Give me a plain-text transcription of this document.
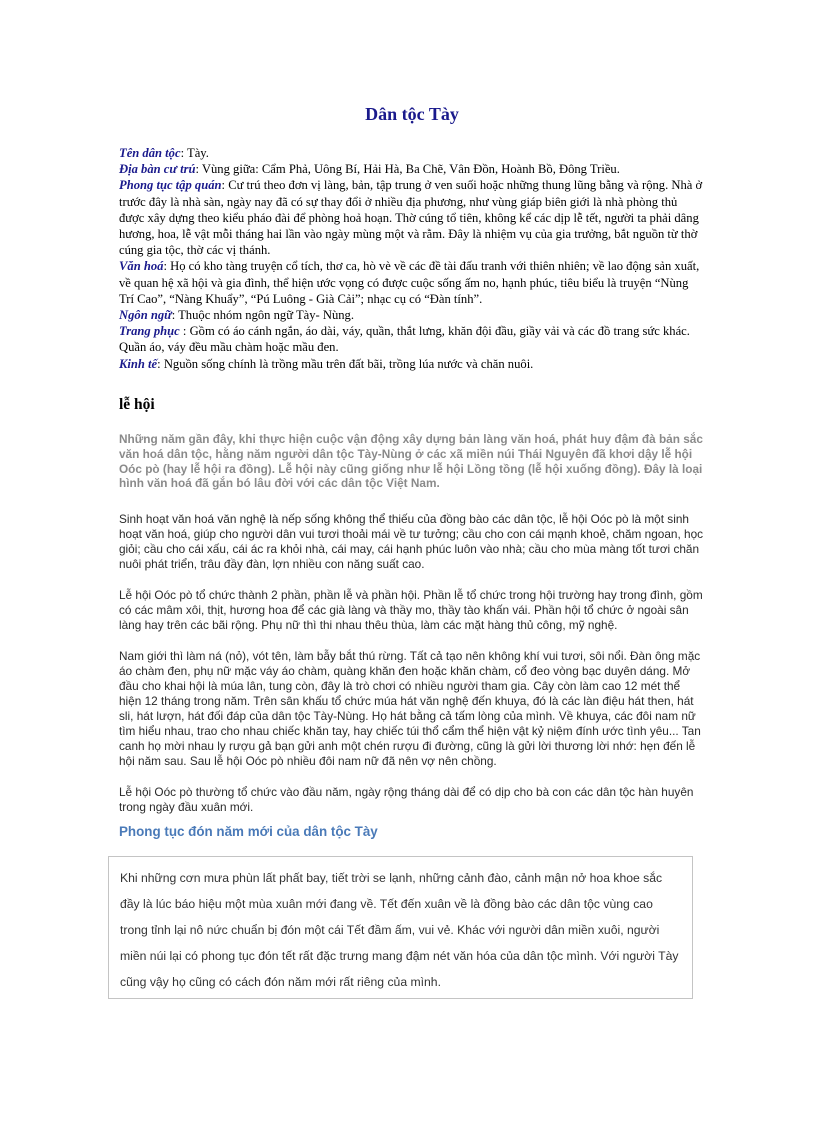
Dân tộc Tày

Tên dân tộc: Tày.

Địa bàn cư trú: Vùng giữa: Cẩm Phả, Uông Bí, Hải Hà, Ba Chẽ, Vân Đồn, Hoành Bồ, Đông Triều.

Phong tục tập quán: Cư trú theo đơn vị làng, bản, tập trung ở ven suối hoặc những thung lũng bằng và rộng. Nhà ở trước đây là nhà sàn, ngày nay đã có sự thay đổi ở nhiều địa phương, như vùng giáp biên giới là nhà phòng thủ được xây dựng theo kiểu pháo đài để phòng hoả hoạn. Thờ cúng tổ tiên, không kể các dịp lễ tết, người ta phải dâng hương, hoa, lễ vật mỗi tháng hai lần vào ngày mùng một và rằm. Đây là nhiệm vụ của gia trưởng, bắt nguồn từ thờ cúng gia tộc, thờ các vị thánh.

Văn hoá: Họ có kho tàng truyện cổ tích, thơ ca, hò vè về các đề tài đấu tranh với thiên nhiên; về lao động sản xuất, về quan hệ xã hội và gia đình, thể hiện ước vọng có được cuộc sống ấm no, hạnh phúc, tiêu biểu là truyện “Nùng Trí Cao”, “Nàng Khuẩy”, “Pú Luông - Già Cải”; nhạc cụ có “Đàn tính”.

Ngôn ngữ: Thuộc nhóm ngôn ngữ Tày- Nùng.

Trang phục : Gồm có áo cánh ngắn, áo dài, váy, quần, thắt lưng, khăn đội đầu, giầy vải và các đồ trang sức khác. Quần áo, váy đều mầu chàm hoặc mầu đen.

Kinh tế: Nguồn sống chính là trồng mầu trên đất bãi, trồng lúa nước và chăn nuôi.

lễ hội

Những năm gần đây, khi thực hiện cuộc vận động xây dựng bản làng văn hoá, phát huy đậm đà bản sắc văn hoá dân tộc, hằng năm người dân tộc Tày-Nùng ở các xã miền núi Thái Nguyên đã khơi dậy lễ hội Oóc pò (hay lễ hội ra đồng). Lễ hội này cũng giống như lễ hội Lồng tồng (lễ hội xuống đồng). Đây là loại hình văn hoá đã gắn bó lâu đời với các dân tộc Việt Nam.

Sinh hoạt văn hoá văn nghệ là nếp sống không thể thiếu của đồng bào các dân tộc, lễ hội Oóc pò là một sinh hoạt văn hoá, giúp cho người dân vui tươi thoải mái về tư tưởng; cầu cho con cái mạnh khoẻ, chăm ngoan, học giỏi; cầu cho cái xấu, cái ác ra khỏi nhà, cái may, cái hạnh phúc luôn vào nhà; cầu cho mùa màng tốt tươi chăn nuôi phát triển, trâu đầy đàn, lợn nhiều con năng suất cao.

Lễ hội Oóc pò tổ chức thành 2 phần, phần lễ và phần hội. Phần lễ tổ chức trong hội trường hay trong đình, gồm có các mâm xôi, thịt, hương hoa để các già làng và thầy mo, thầy tào khấn vái. Phần hội tổ chức ở ngoài sân làng hay trên các bãi rộng. Phụ nữ thì thi nhau thêu thùa, làm các mặt hàng thủ công, mỹ nghệ.

Nam giới thì làm ná (nỏ), vót tên, làm bẫy bắt thú rừng. Tất cả tạo nên không khí vui tươi, sôi nổi. Đàn ông mặc áo chàm đen, phụ nữ mặc váy áo chàm, quàng khăn đen hoặc khăn chàm, cổ đeo vòng bạc duyên dáng. Mở đầu cho khai hội là múa lân, tung còn, đây là trò chơi có nhiều người tham gia. Cây còn làm cao 12 mét thể hiện 12 tháng trong năm. Trên sân khấu tổ chức múa hát văn nghệ đến khuya, đó là các làn điệu hát then, hát sli, hát lượn, hát đối đáp của dân tộc Tày-Nùng. Họ hát bằng cả tấm lòng của mình. Về khuya, các đôi nam nữ tìm hiểu nhau, trao cho nhau chiếc khăn tay, hay chiếc túi thổ cẩm thể hiện vật kỷ niệm đính ước tình yêu... Tan canh họ mời nhau ly rượu gả bạn gửi anh một chén rượu đi đường, cũng là gửi lời thương lời nhớ: hẹn đến lễ hội năm sau. Sau lễ hội Oóc pò nhiều đôi nam nữ đã nên vợ nên chồng.

Lễ hội Oóc pò thường tổ chức vào đầu năm, ngày rộng tháng dài để có dịp cho bà con các dân tộc hàn huyên trong ngày đầu xuân mới.

Phong tục đón năm mới của dân tộc Tày
Khi những cơn mưa phùn lất phất bay, tiết trời se lạnh, những cảnh đào, cảnh mận nở hoa khoe sắc đầy là lúc báo hiệu một mùa xuân mới đang về. Tết đến xuân về là đồng bào các dân tộc vùng cao trong tỉnh lại nô nức chuẩn bị đón một cái Tết đầm ấm, vui vẻ. Khác với người dân miền xuôi, người miền núi lại có phong tục đón tết rất đặc trưng mang đậm nét văn hóa của dân tộc mình. Với người Tày cũng vậy họ cũng có cách đón năm mới rất riêng của mình.
